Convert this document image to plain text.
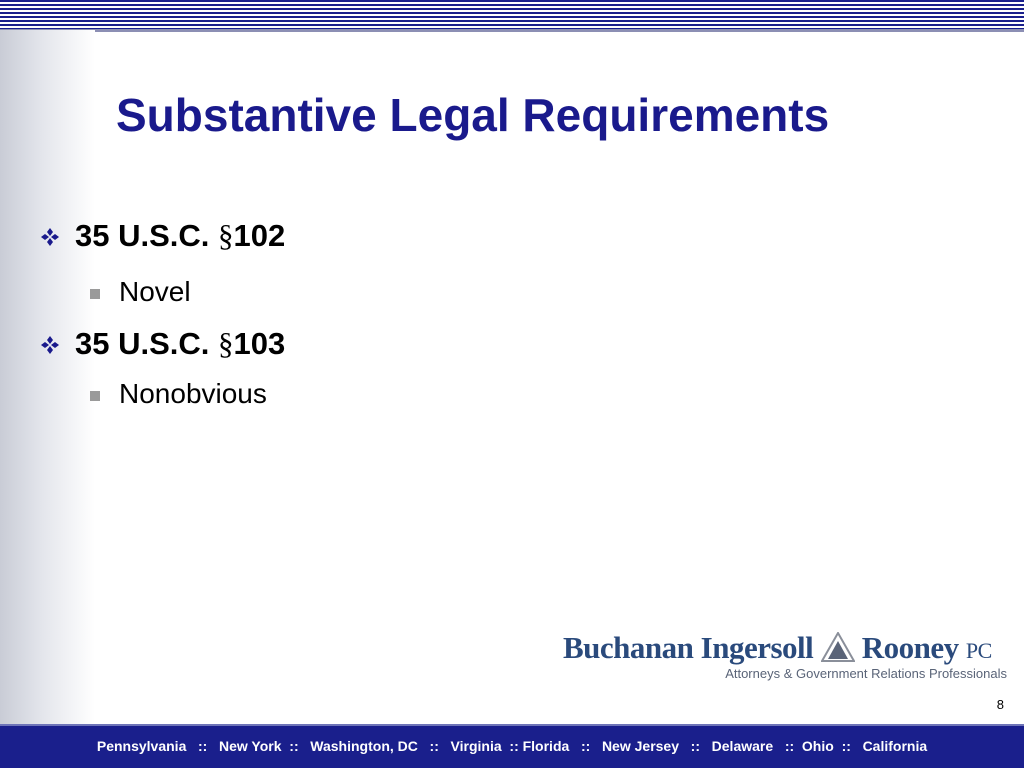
Substantive Legal Requirements
35 U.S.C. §102
Novel
35 U.S.C. §103
Nonobvious
Buchanan Ingersoll Rooney PC
Attorneys & Government Relations Professionals
8
Pennsylvania   ::   New York  ::   Washington, DC   ::   Virginia  :: Florida   ::   New Jersey   ::   Delaware   ::  Ohio  ::   California
